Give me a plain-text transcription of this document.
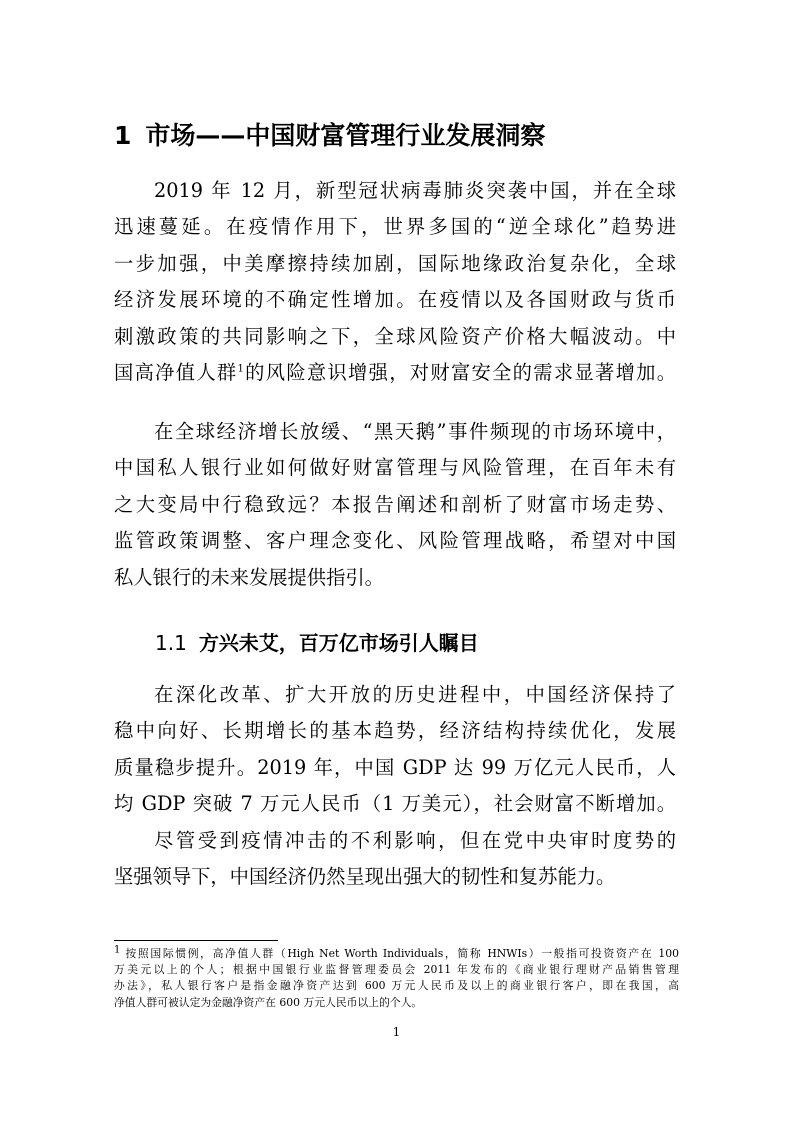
1 市场——中国财富管理行业发展洞察
2019 年 12 月，新型冠状病毒肺炎突袭中国，并在全球
迅速蔓延。在疫情作用下，世界多国的“逆全球化”趋势进
一步加强，中美摩擦持续加剧，国际地缘政治复杂化，全球
经济发展环境的不确定性增加。在疫情以及各国财政与货币
刺激政策的共同影响之下，全球风险资产价格大幅波动。中
国高净值人群$^1$的风险意识增强，对财富安全的需求显著增加。
在全球经济增长放缓、“黑天鹅”事件频现的市场环境中，
中国私人银行业如何做好财富管理与风险管理，在百年未有
之大变局中行稳致远？本报告阐述和剖析了财富市场走势、
监管政策调整、客户理念变化、风险管理战略，希望对中国
私人银行的未来发展提供指引。
1.1 方兴未艾，百万亿市场引人瞩目
在深化改革、扩大开放的历史进程中，中国经济保持了
稳中向好、长期增长的基本趋势，经济结构持续优化，发展
质量稳步提升。2019 年，中国 GDP 达 99 万亿元人民币，人
均 GDP 突破 7 万元人民币（1 万美元），社会财富不断增加。
尽管受到疫情冲击的不利影响，但在党中央审时度势的
坚强领导下，中国经济仍然呈现出强大的韧性和复苏能力。
$^1$ 按照国际惯例，高净值人群（High Net Worth Individuals，简称 HNWIs）一般指可投资资产在 100
万美元以上的个人；根据中国银行业监督管理委员会 2011 年发布的《商业银行理财产品销售管理
办法》，私人银行客户是指金融净资产达到 600 万元人民币及以上的商业银行客户，即在我国，高
净值人群可被认定为金融净资产在 600 万元人民币以上的个人。
1
